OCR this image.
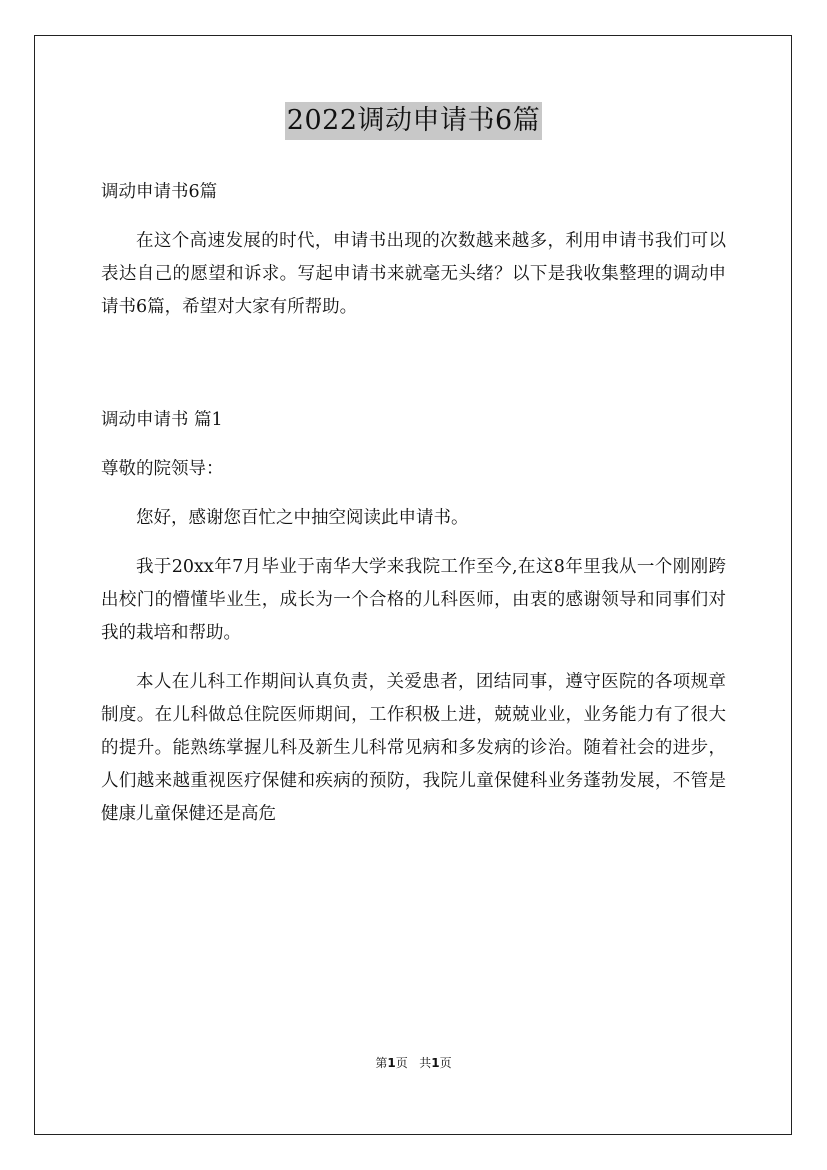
2022调动申请书6篇

调动申请书6篇

在这个高速发展的时代，申请书出现的次数越来越多，利用申请书我们可以表达自己的愿望和诉求。写起申请书来就毫无头绪？以下是我收集整理的调动申请书6篇，希望对大家有所帮助。

调动申请书 篇1

尊敬的院领导：

您好，感谢您百忙之中抽空阅读此申请书。

我于20xx年7月毕业于南华大学来我院工作至今,在这8年里我从一个刚刚跨出校门的懵懂毕业生，成长为一个合格的儿科医师，由衷的感谢领导和同事们对我的栽培和帮助。

本人在儿科工作期间认真负责，关爱患者，团结同事，遵守医院的各项规章制度。在儿科做总住院医师期间，工作积极上进，兢兢业业，业务能力有了很大的提升。能熟练掌握儿科及新生儿科常见病和多发病的诊治。随着社会的进步，人们越来越重视医疗保健和疾病的预防，我院儿童保健科业务蓬勃发展，不管是健康儿童保健还是高危

第1页 共1页
